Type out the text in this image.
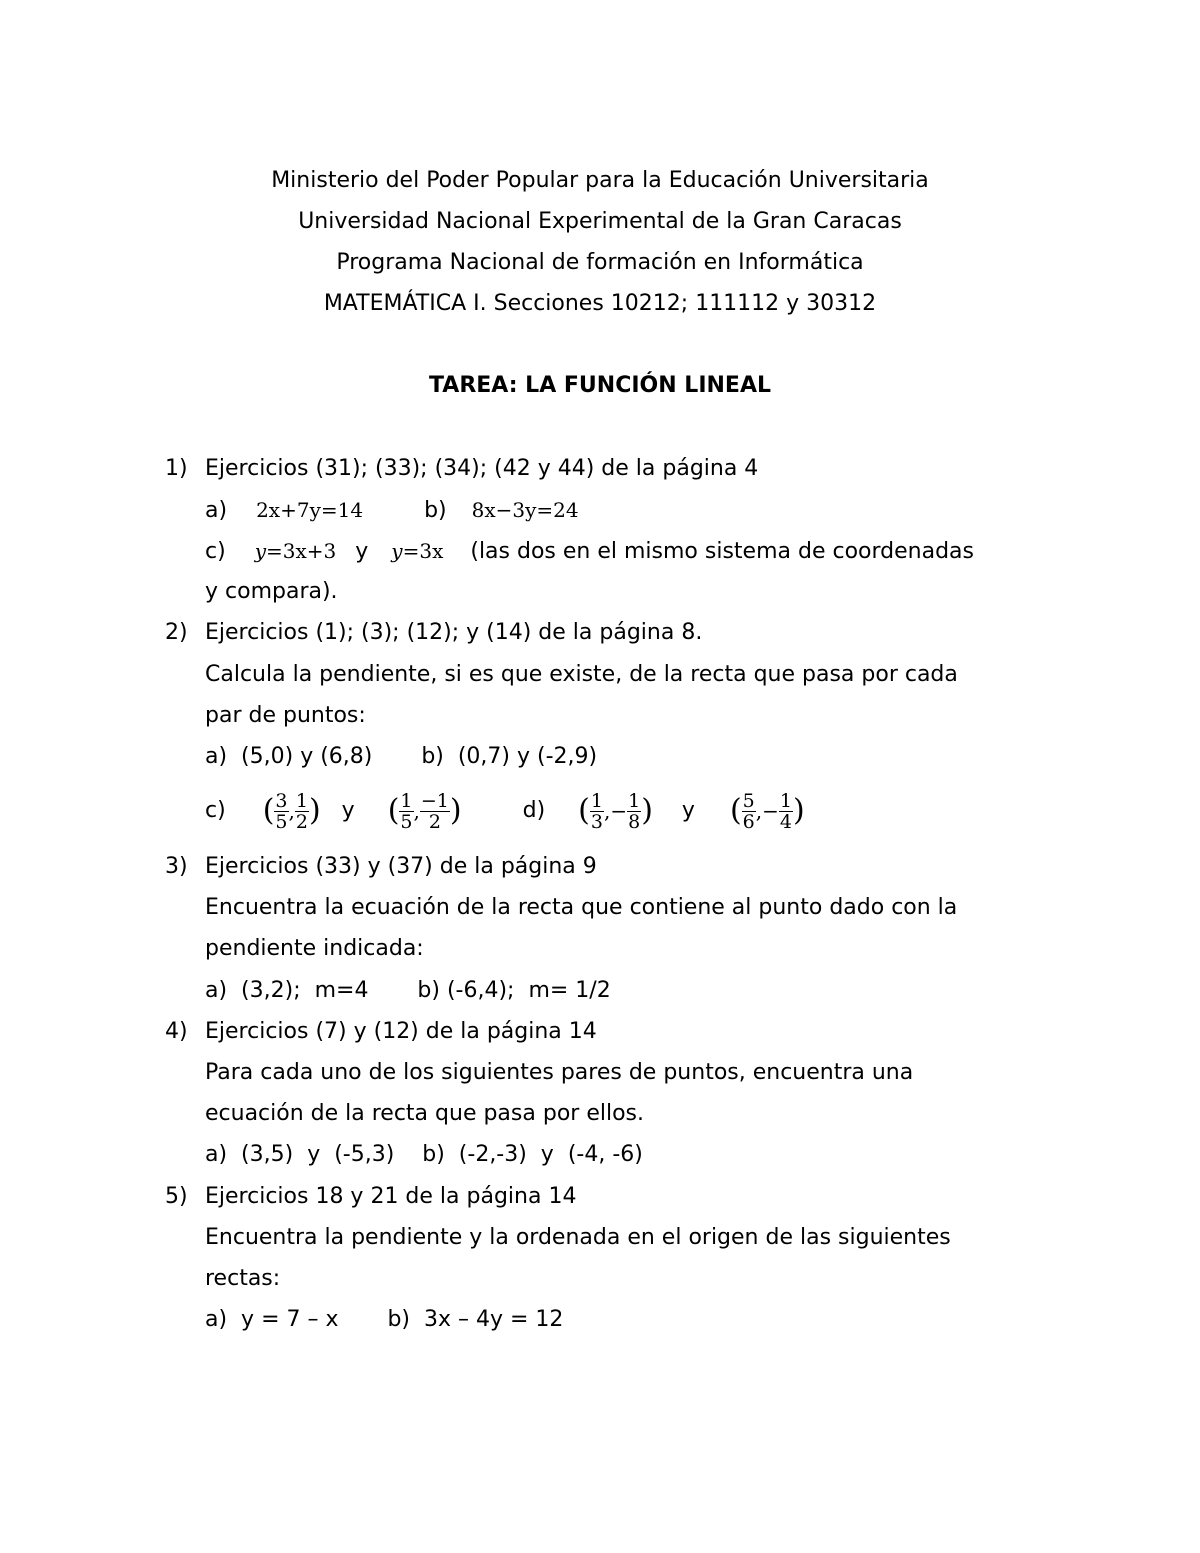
Ministerio del Poder Popular para la Educación Universitaria
Universidad Nacional Experimental de la Gran Caracas
Programa Nacional de formación en Informática
MATEMÁTICA I. Secciones 10212; 111112 y 30312
TAREA: LA FUNCIÓN LINEAL
1) Ejercicios (31); (33); (34); (42 y 44) de la página 4
a) 2x+7y=14	b) 8x−3y=24
c) y=3x+3 y y=3x (las dos en el mismo sistema de coordenadas
y compara).
2) Ejercicios (1); (3); (12); y (14) de la página 8.
Calcula la pendiente, si es que existe, de la recta que pasa por cada
par de puntos:
a)  (5,0) y (6,8)       b)  (0,7) y (-2,9)
c) ( $\frac{3}{5}$ , $\frac{1}{2}$ ) y ( $\frac{1}{5}$ , $\frac{-1}{2}$ )	d) ( $\frac{1}{3}$ ,− $\frac{1}{8}$ ) y ( $\frac{5}{6}$ ,− $\frac{1}{4}$ )
3) Ejercicios (33) y (37) de la página 9
Encuentra la ecuación de la recta que contiene al punto dado con la
pendiente indicada:
a)  (3,2);  m=4       b) (-6,4);  m= 1/2
4) Ejercicios (7) y (12) de la página 14
Para cada uno de los siguientes pares de puntos, encuentra una
ecuación de la recta que pasa por ellos.
a)  (3,5)  y  (-5,3)    b)  (-2,-3)  y  (-4, -6)
5) Ejercicios 18 y 21 de la página 14
Encuentra la pendiente y la ordenada en el origen de las siguientes
rectas:
a)  y = 7 – x       b)  3x – 4y = 12
